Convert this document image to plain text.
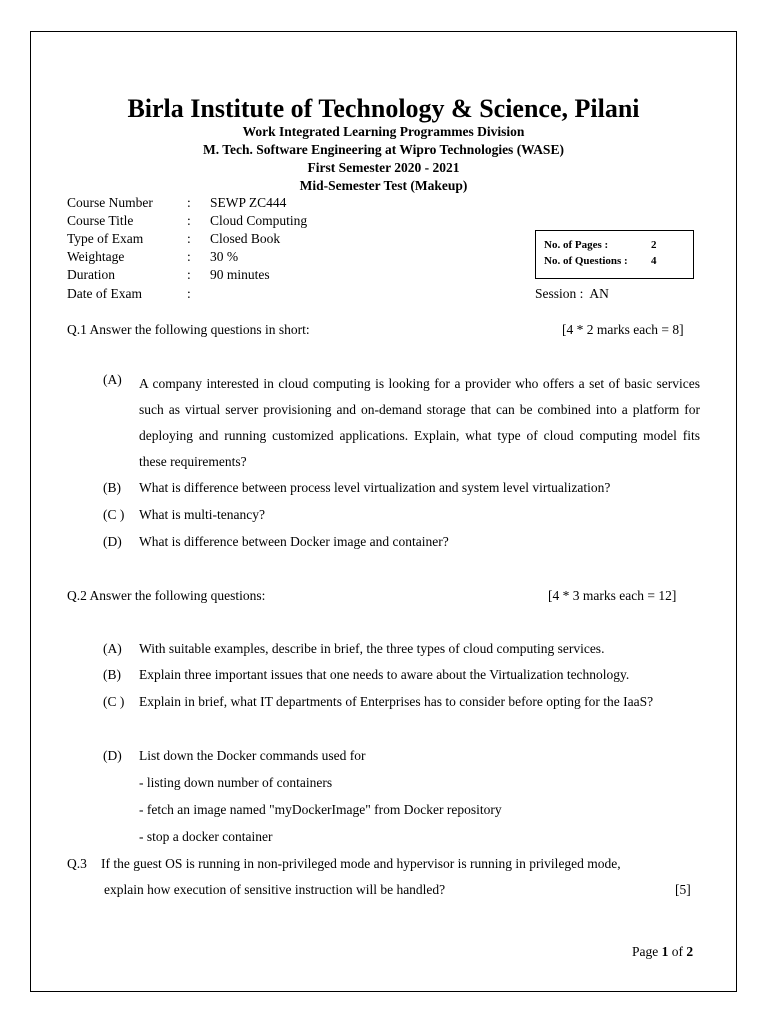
Birla Institute of Technology & Science, Pilani
Work Integrated Learning Programmes Division
M. Tech. Software Engineering at Wipro Technologies (WASE)
First Semester 2020 - 2021
Mid-Semester Test (Makeup)
Course Number	: SEWP ZC444
Course Title	: Cloud Computing
Type of Exam	: Closed Book
Weightage	: 30 %
Duration	: 90 minutes
Date of Exam	:
No. of Pages :	2
No. of Questions : 4
Session :  AN
Q.1 Answer the following questions in short:	[4 * 2 marks each = 8]
(A)	A company interested in cloud computing is looking for a provider who offers a set of basic services such as virtual server provisioning and on-demand storage that can be combined into a platform for deploying and running customized applications. Explain, what type of cloud computing model fits these requirements?
(B)	What is difference between process level virtualization and system level virtualization?
(C )	What is multi-tenancy?
(D)	What is difference between Docker image and container?
Q.2 Answer the following questions:	[4 * 3 marks each = 12]
(A)	With suitable examples, describe in brief, the three types of cloud computing services.
(B)	Explain three important issues that one needs to aware about the Virtualization technology.
(C )	Explain in brief, what IT departments of Enterprises has to consider before opting for the IaaS?
(D)	List down the Docker commands used for
- listing down number of containers
- fetch an image named "myDockerImage" from Docker repository
- stop a docker container
Q.3 If the guest OS is running in non-privileged mode and hypervisor is running in privileged mode,
explain how execution of sensitive instruction will be handled?	[5]
Page 1 of 2
